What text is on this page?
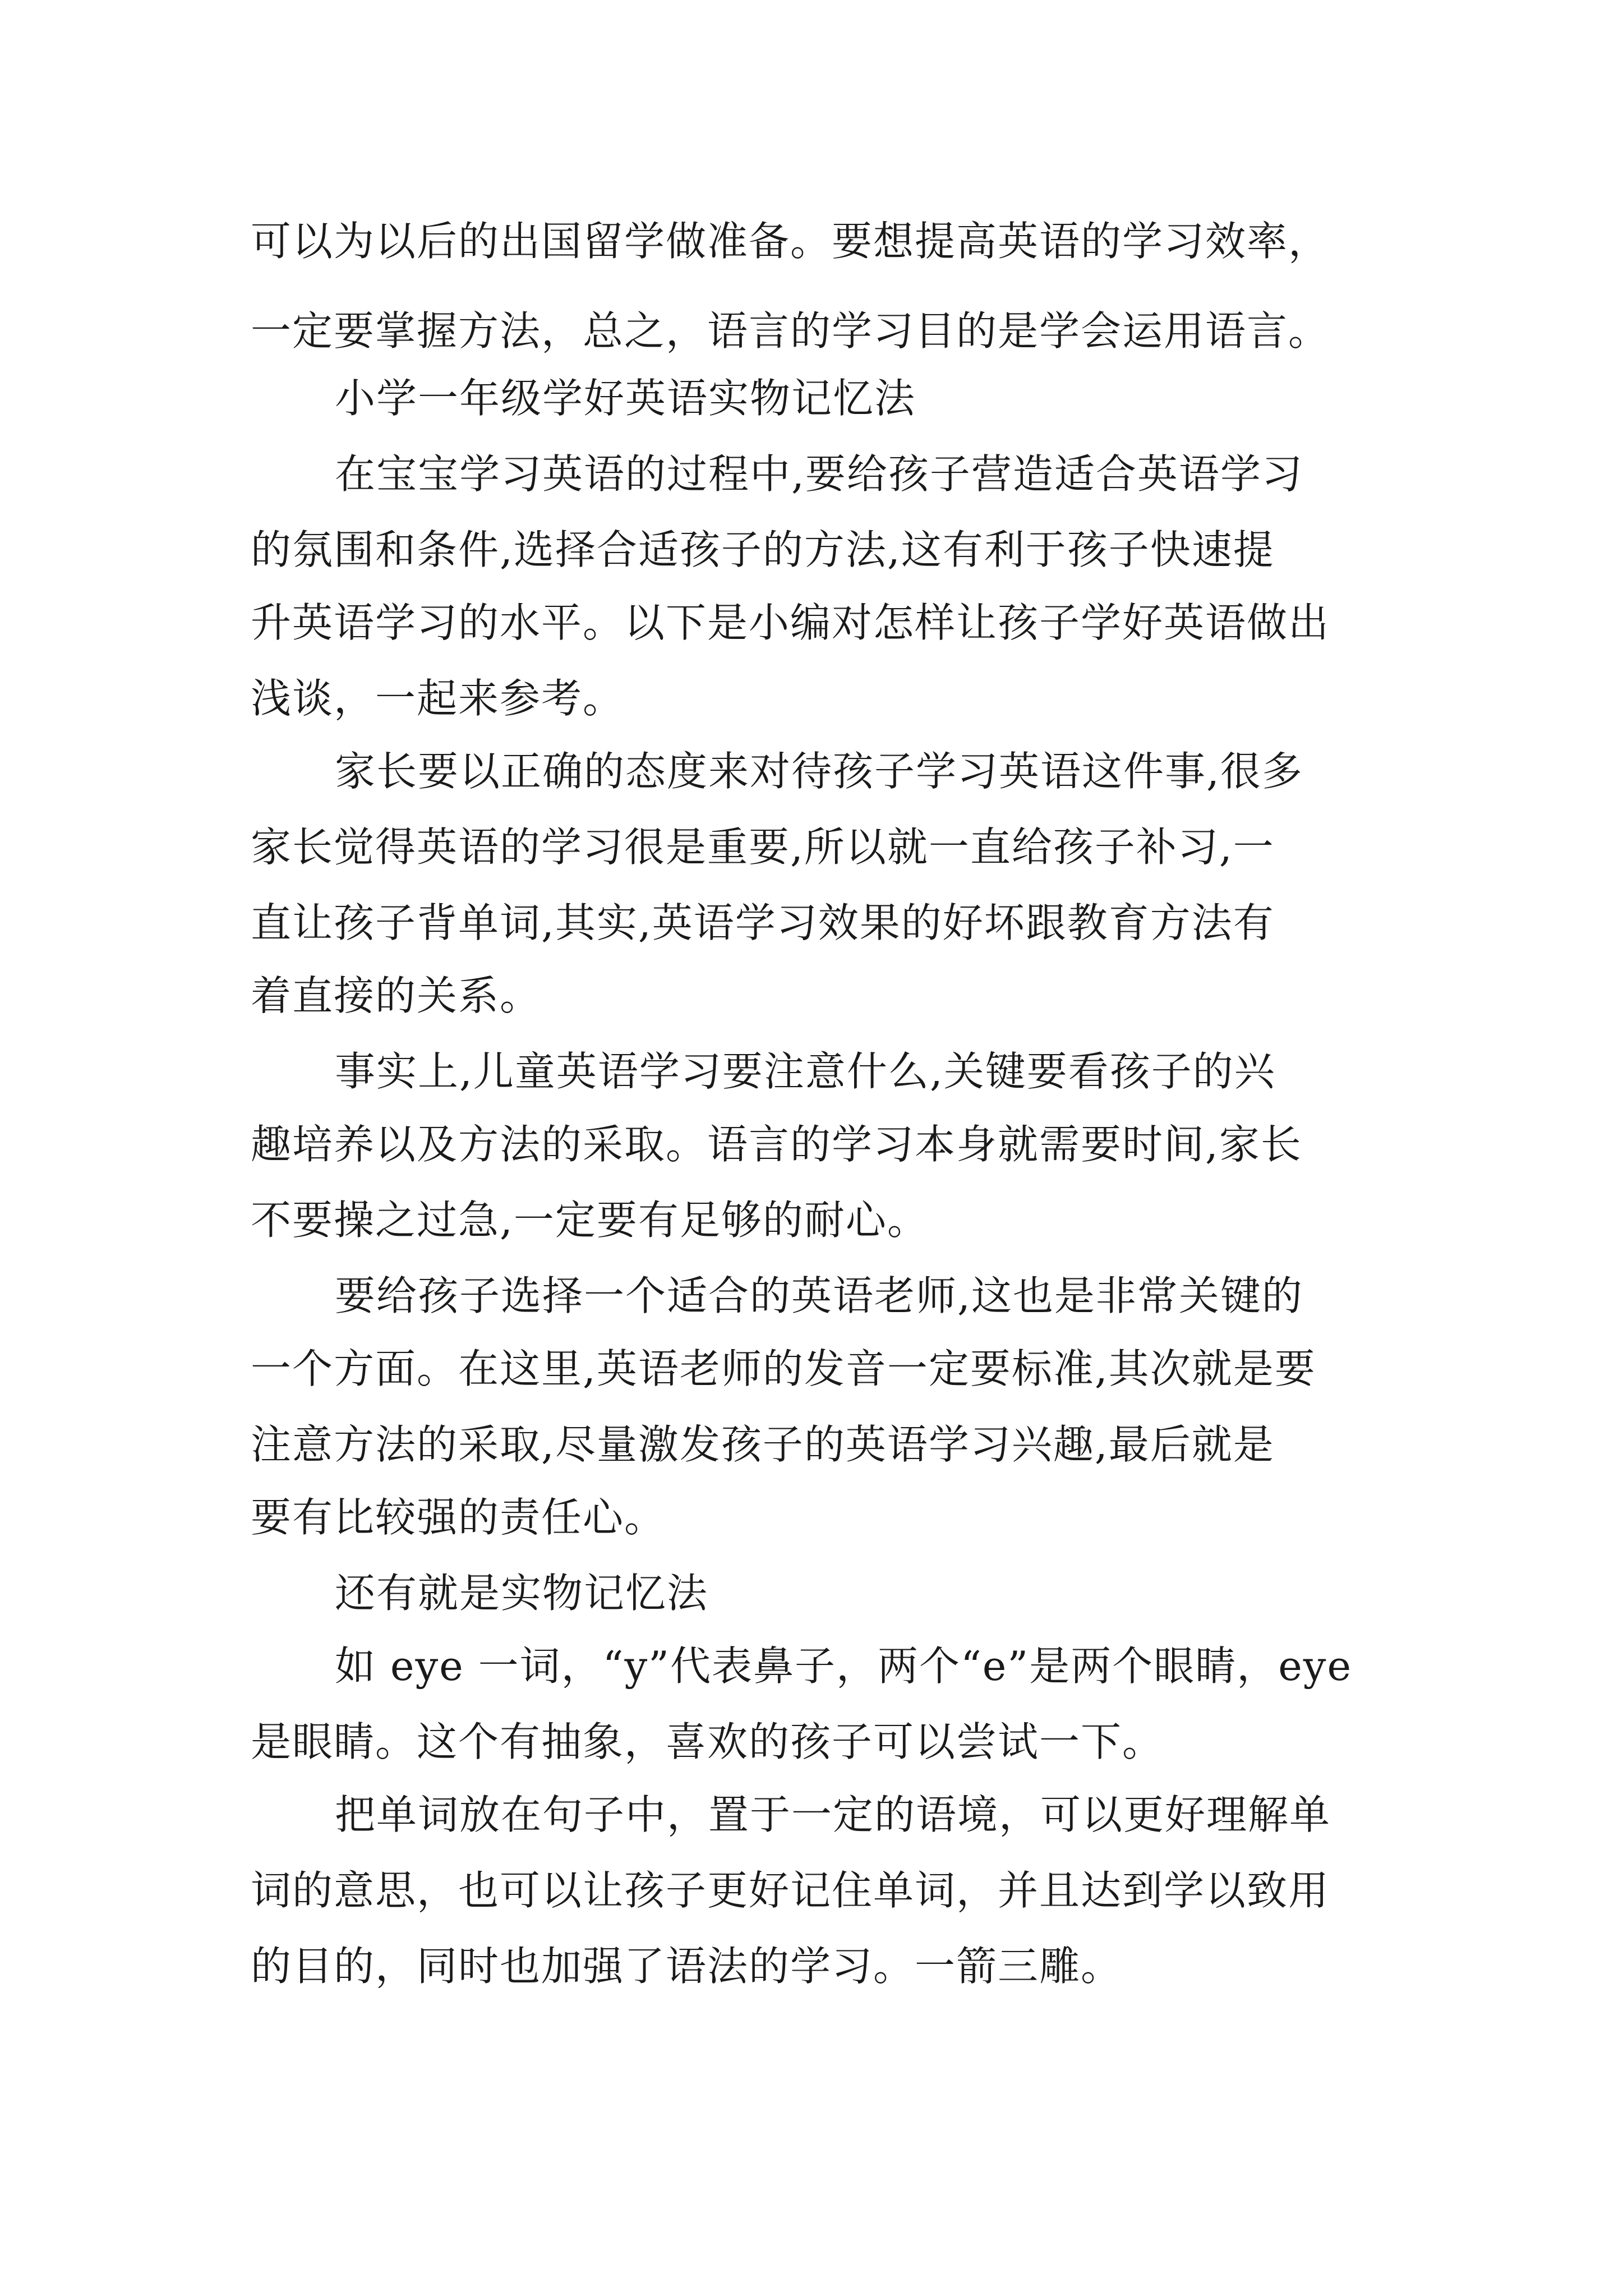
可以为以后的出国留学做准备。要想提高英语的学习效率，
一定要掌握方法，总之，语言的学习目的是学会运用语言。
小学一年级学好英语实物记忆法
在宝宝学习英语的过程中,要给孩子营造适合英语学习
的氛围和条件,选择合适孩子的方法,这有利于孩子快速提
升英语学习的水平。以下是小编对怎样让孩子学好英语做出
浅谈，一起来参考。
家长要以正确的态度来对待孩子学习英语这件事,很多
家长觉得英语的学习很是重要,所以就一直给孩子补习,一
直让孩子背单词,其实,英语学习效果的好坏跟教育方法有
着直接的关系。
事实上,儿童英语学习要注意什么,关键要看孩子的兴
趣培养以及方法的采取。语言的学习本身就需要时间,家长
不要操之过急,一定要有足够的耐心。
要给孩子选择一个适合的英语老师,这也是非常关键的
一个方面。在这里,英语老师的发音一定要标准,其次就是要
注意方法的采取,尽量激发孩子的英语学习兴趣,最后就是
要有比较强的责任心。
还有就是实物记忆法
如 eye 一词，“y”代表鼻子，两个“e”是两个眼睛，eye
是眼睛。这个有抽象，喜欢的孩子可以尝试一下。
把单词放在句子中，置于一定的语境，可以更好理解单
词的意思，也可以让孩子更好记住单词，并且达到学以致用
的目的，同时也加强了语法的学习。一箭三雕。
